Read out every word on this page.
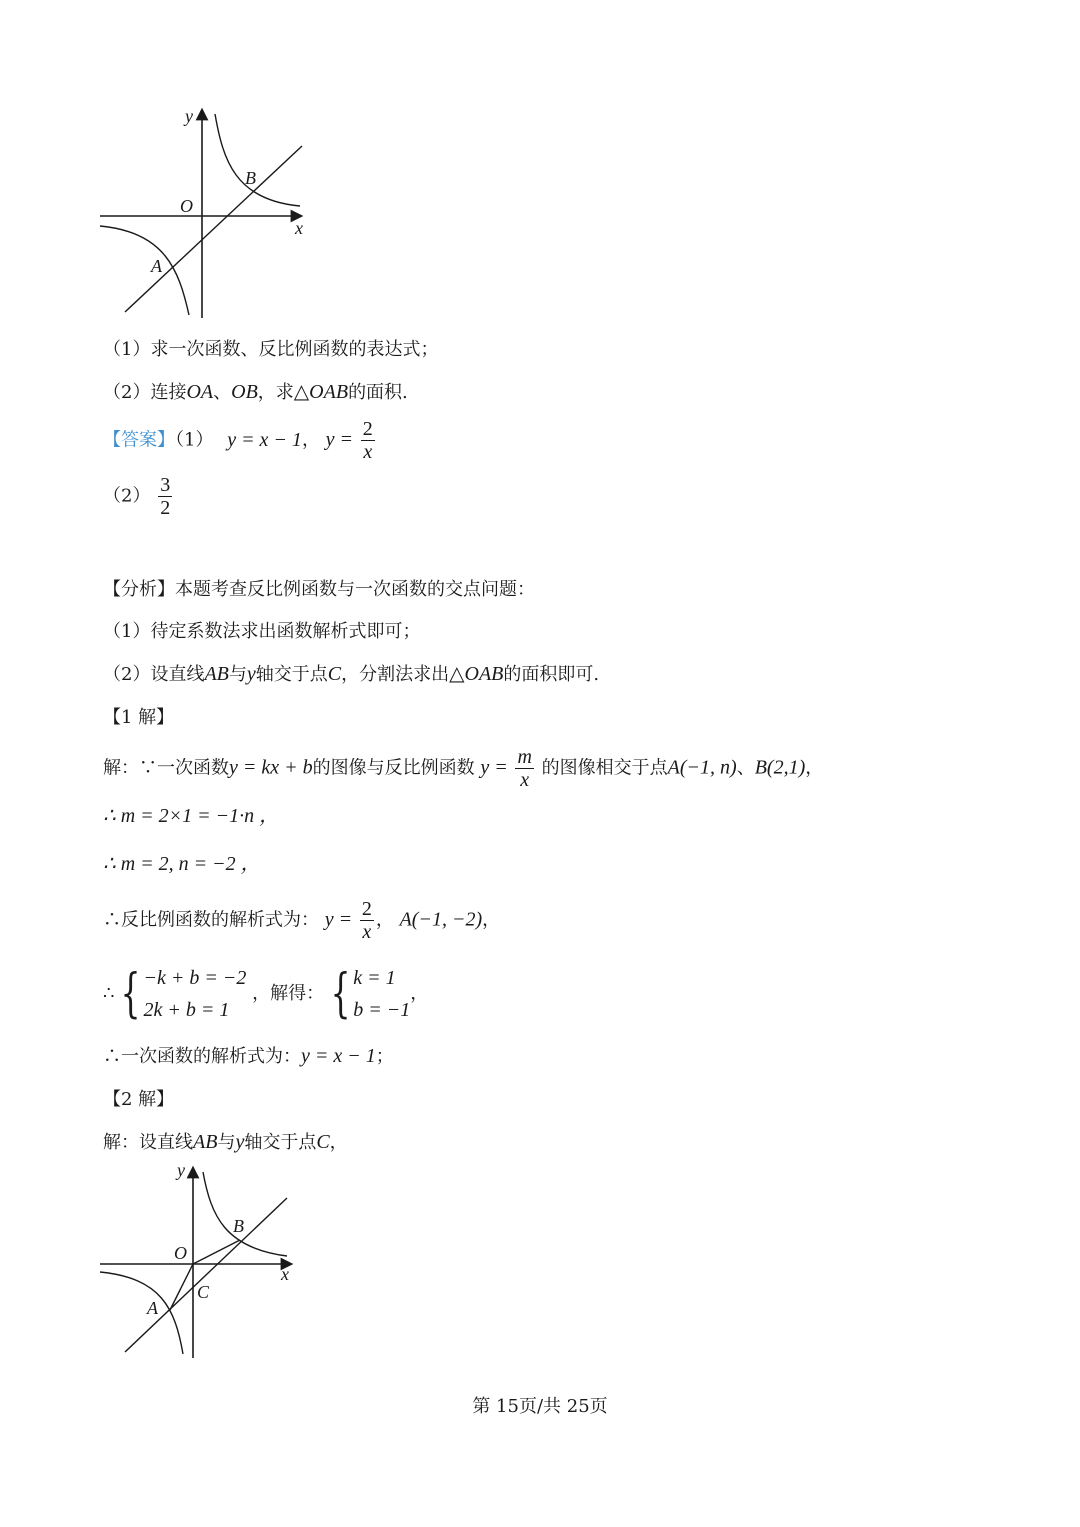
y
x
O
A
B
（1）求一次函数、反比例函数的表达式；
（2）连接OA、OB，求△OAB的面积.
【答案】（1） y = x − 1， $y = \frac{2}{x}$
$(2) \frac{3}{2}$
【分析】本题考查反比例函数与一次函数的交点问题：
（1）待定系数法求出函数解析式即可；
（2）设直线AB与y轴交于点C，分割法求出△OAB的面积即可.
【1 解】
解：∵一次函数y = kx + b的图像与反比例函数 $y = \frac{m}{x}$ 的图像相交于点A(−1, n)、B(2,1)，
∴ m = 2×1 = −1·n ，
∴ m = 2, n = −2 ，
∴反比例函数的解析式为： $y = \frac{2}{x}$ ， A(−1, −2)，
∴ { −k + b = −2
2k + b = 1
，解得： { k = 1
b = −1
，
∴一次函数的解析式为：y = x − 1；
【2 解】
解：设直线AB与y轴交于点C，
y
x
O
A
B
C
第 15页/共 25页
